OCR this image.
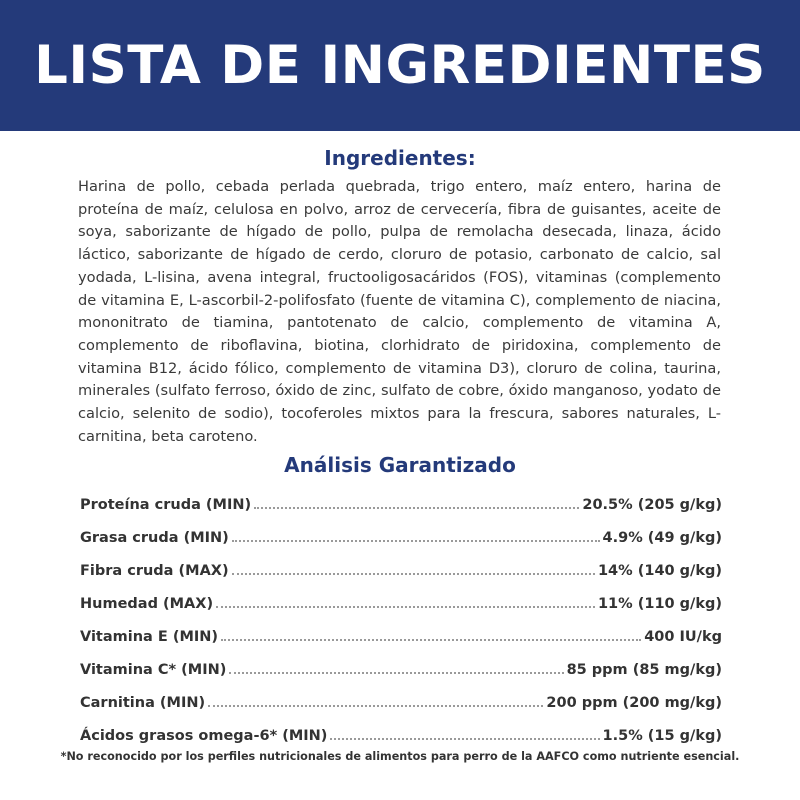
LISTA DE INGREDIENTES
Ingredientes:

Harina de pollo, cebada perlada quebrada, trigo entero, maíz entero, harina de proteína de maíz, celulosa en polvo, arroz de cervecería, fibra de guisantes, aceite de soya, saborizante de hígado de pollo, pulpa de remolacha desecada, linaza, ácido láctico, saborizante de hígado de cerdo, cloruro de potasio, carbonato de calcio, sal yodada, L-lisina, avena integral, fructooligosacáridos (FOS), vitaminas (complemento de vitamina E, L-ascorbil-2-polifosfato (fuente de vitamina C), complemento de niacina, mononitrato de tiamina, pantotenato de calcio, complemento de vitamina A, complemento de riboflavina, biotina, clorhidrato de piridoxina, complemento de vitamina B12, ácido fólico, complemento de vitamina D3), cloruro de colina, taurina, minerales (sulfato ferroso, óxido de zinc, sulfato de cobre, óxido manganoso, yodato de calcio, selenito de sodio), tocoferoles mixtos para la frescura, sabores naturales, L-carnitina, beta caroteno.

Análisis Garantizado
Proteína cruda (MIN)	20.5% (205 g/kg)
Grasa cruda (MIN)	4.9% (49 g/kg)
Fibra cruda (MAX)	14% (140 g/kg)
Humedad (MAX)	11% (110 g/kg)
Vitamina E (MIN)	400 IU/kg
Vitamina C* (MIN)	85 ppm (85 mg/kg)
Carnitina (MIN)	200 ppm (200 mg/kg)
Ácidos grasos omega-6* (MIN)	1.5% (15 g/kg)
*No reconocido por los perfiles nutricionales de alimentos para perro de la AAFCO como nutriente esencial.
